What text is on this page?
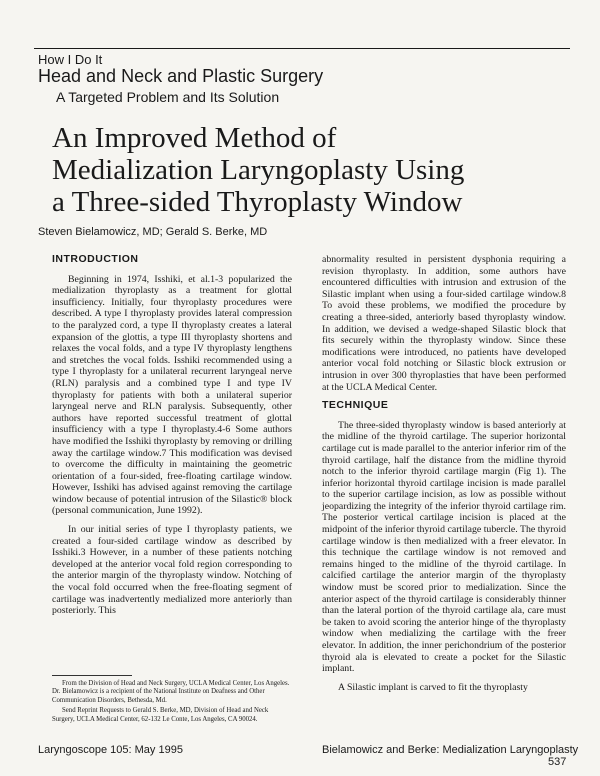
How I Do It
Head and Neck and Plastic Surgery
A Targeted Problem and Its Solution
An Improved Method of
Medialization Laryngoplasty Using
a Three-sided Thyroplasty Window
Steven Bielamowicz, MD; Gerald S. Berke, MD
INTRODUCTION

Beginning in 1974, Isshiki, et al.1-3 popularized the medialization thyroplasty as a treatment for glottal insufficiency. Initially, four thyroplasty procedures were described. A type I thyroplasty provides lateral compression to the paralyzed cord, a type II thyroplasty creates a lateral expansion of the glottis, a type III thyroplasty shortens and relaxes the vocal folds, and a type IV thyroplasty lengthens and stretches the vocal folds. Isshiki recommended using a type I thyroplasty for a unilateral recurrent laryngeal nerve (RLN) paralysis and a combined type I and type IV thyroplasty for patients with both a unilateral superior laryngeal nerve and RLN paralysis. Subsequently, other authors have reported successful treatment of glottal insufficiency with a type I thyroplasty.4-6 Some authors have modified the Isshiki thyroplasty by removing or drilling away the cartilage window.7 This modification was devised to overcome the difficulty in maintaining the geometric orientation of a four-sided, free-floating cartilage window. However, Isshiki has advised against removing the cartilage window because of potential intrusion of the Silastic® block (personal communication, June 1992).

In our initial series of type I thyroplasty patients, we created a four-sided cartilage window as described by Isshiki.3 However, in a number of these patients notching developed at the anterior vocal fold region corresponding to the anterior margin of the thyroplasty window. Notching of the vocal fold occurred when the free-floating segment of cartilage was inadvertently medialized more anteriorly than posteriorly. This

abnormality resulted in persistent dysphonia requiring a revision thyroplasty. In addition, some authors have encountered difficulties with intrusion and extrusion of the Silastic implant when using a four-sided cartilage window.8 To avoid these problems, we modified the procedure by creating a three-sided, anteriorly based thyroplasty window. In addition, we devised a wedge-shaped Silastic block that fits securely within the thyroplasty window. Since these modifications were introduced, no patients have developed anterior vocal fold notching or Silastic block extrusion or intrusion in over 300 thyroplasties that have been performed at the UCLA Medical Center.

TECHNIQUE

The three-sided thyroplasty window is based anteriorly at the midline of the thyroid cartilage. The superior horizontal cartilage cut is made parallel to the anterior inferior rim of the thyroid cartilage, half the distance from the midline thyroid notch to the inferior thyroid cartilage margin (Fig 1). The inferior horizontal thyroid cartilage incision is made parallel to the superior cartilage incision, as low as possible without jeopardizing the integrity of the inferior thyroid cartilage rim. The posterior vertical cartilage incision is placed at the midpoint of the inferior thyroid cartilage tubercle. The thyroid cartilage window is then medialized with a freer elevator. In this technique the cartilage window is not removed and remains hinged to the midline of the thyroid cartilage. In calcified cartilage the anterior margin of the thyroplasty window must be scored prior to medialization. Since the anterior aspect of the thyroid cartilage is considerably thinner than the lateral portion of the thyroid cartilage ala, care must be taken to avoid scoring the anterior hinge of the thyroplasty window when medializing the cartilage with the freer elevator. In addition, the inner perichondrium of the posterior thyroid ala is elevated to create a pocket for the Silastic implant.

A Silastic implant is carved to fit the thyroplasty

From the Division of Head and Neck Surgery, UCLA Medical Center, Los Angeles. Dr. Bielamowicz is a recipient of the National Institute on Deafness and Other Communication Disorders, Bethesda, Md.

Send Reprint Requests to Gerald S. Berke, MD, Division of Head and Neck Surgery, UCLA Medical Center, 62-132 Le Conte, Los Angeles, CA 90024.

Laryngoscope 105: May 1995	Bielamowicz and Berke: Medialization Laryngoplasty
537
